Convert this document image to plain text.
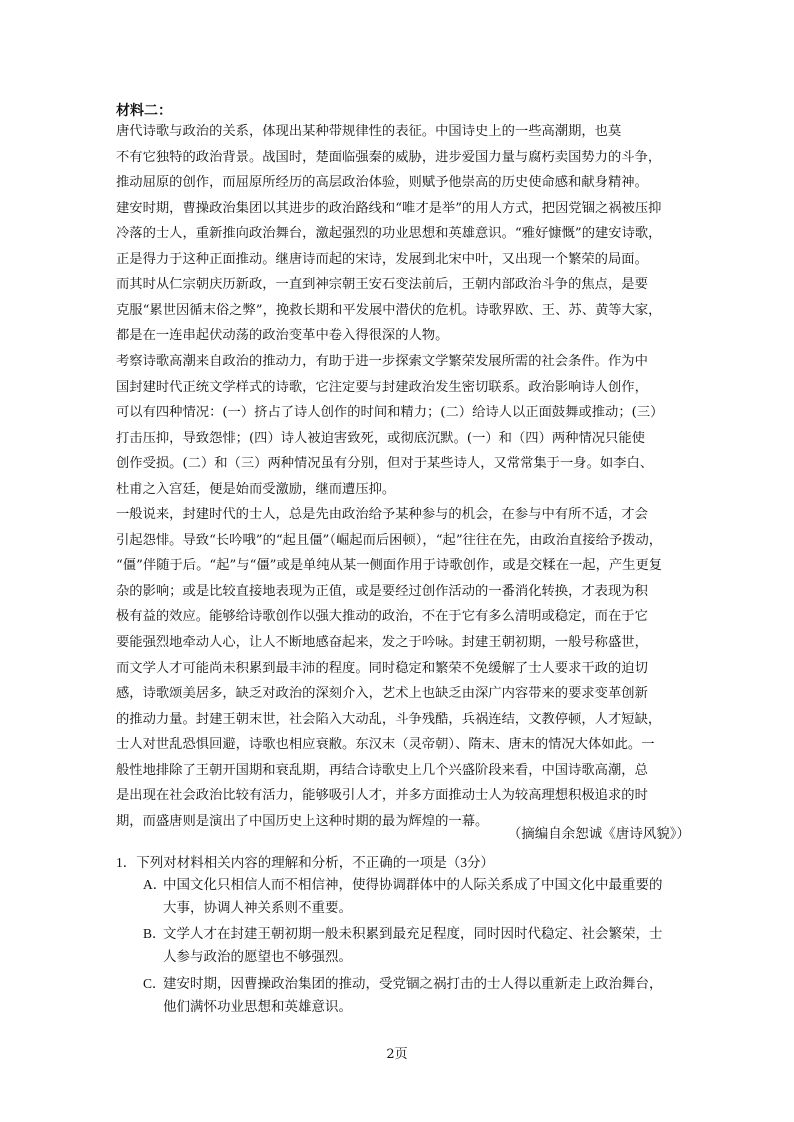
材料二：
唐代诗歌与政治的关系，体现出某种带规律性的表征。中国诗史上的一些高潮期，也莫
不有它独特的政治背景。战国时，楚面临强秦的威胁，进步爱国力量与腐朽卖国势力的斗争，
推动屈原的创作，而屈原所经历的高层政治体验，则赋予他崇高的历史使命感和献身精神。
建安时期，曹操政治集团以其进步的政治路线和“唯才是举”的用人方式，把因党锢之祸被压抑
冷落的士人，重新推向政治舞台，激起强烈的功业思想和英雄意识。“雅好慷慨”的建安诗歌，
正是得力于这种正面推动。继唐诗而起的宋诗，发展到北宋中叶，又出现一个繁荣的局面。
而其时从仁宗朝庆历新政，一直到神宗朝王安石变法前后，王朝内部政治斗争的焦点，是要
克服“累世因循末俗之弊”，挽救长期和平发展中潜伏的危机。诗歌界欧、王、苏、黄等大家，
都是在一连串起伏动荡的政治变革中卷入得很深的人物。
考察诗歌高潮来自政治的推动力，有助于进一步探索文学繁荣发展所需的社会条件。作为中
国封建时代正统文学样式的诗歌，它注定要与封建政治发生密切联系。政治影响诗人创作，
可以有四种情况：(一）挤占了诗人创作的时间和精力；(二）给诗人以正面鼓舞或推动；(三）
打击压抑，导致怨悱；(四）诗人被迫害致死，或彻底沉默。(一）和（四）两种情况只能使
创作受损。(二）和（三）两种情况虽有分别，但对于某些诗人，又常常集于一身。如李白、
杜甫之入宫廷，便是始而受激励，继而遭压抑。
一般说来，封建时代的士人，总是先由政治给予某种参与的机会，在参与中有所不适，才会
引起怨悱。导致“长吟哦”的“起且僵”（崛起而后困顿），“起”往往在先，由政治直接给予拨动，
“僵”伴随于后。“起”与“僵”或是单纯从某一侧面作用于诗歌创作，或是交糅在一起，产生更复
杂的影响；或是比较直接地表现为正值，或是要经过创作活动的一番消化转换，才表现为积
极有益的效应。能够给诗歌创作以强大推动的政治，不在于它有多么清明或稳定，而在于它
要能强烈地牵动人心，让人不断地感奋起来，发之于吟咏。封建王朝初期，一般号称盛世，
而文学人才可能尚未积累到最丰沛的程度。同时稳定和繁荣不免缓解了士人要求干政的迫切
感，诗歌颂美居多，缺乏对政治的深刻介入，艺术上也缺乏由深广内容带来的要求变革创新
的推动力量。封建王朝末世，社会陷入大动乱，斗争残酷，兵祸连结，文教停顿，人才短缺，
士人对世乱恐惧回避，诗歌也相应衰敝。东汉末（灵帝朝）、隋末、唐末的情况大体如此。一
般性地排除了王朝开国期和衰乱期，再结合诗歌史上几个兴盛阶段来看，中国诗歌高潮，总
是出现在社会政治比较有活力，能够吸引人才，并多方面推动士人为较高理想积极追求的时
期，而盛唐则是演出了中国历史上这种时期的最为辉煌的一幕。
（摘编自余恕诚《唐诗风貌》）
1．下列对材料相关内容的理解和分析，不正确的一项是（3分）
A．
中国文化只相信人而不相信神，使得协调群体中的人际关系成了中国文化中最重要的
大事，协调人神关系则不重要。
B．
文学人才在封建王朝初期一般未积累到最充足程度，同时因时代稳定、社会繁荣，士
人参与政治的愿望也不够强烈。
C．
建安时期，因曹操政治集团的推动，受党锢之祸打击的士人得以重新走上政治舞台，
他们满怀功业思想和英雄意识。
2页
